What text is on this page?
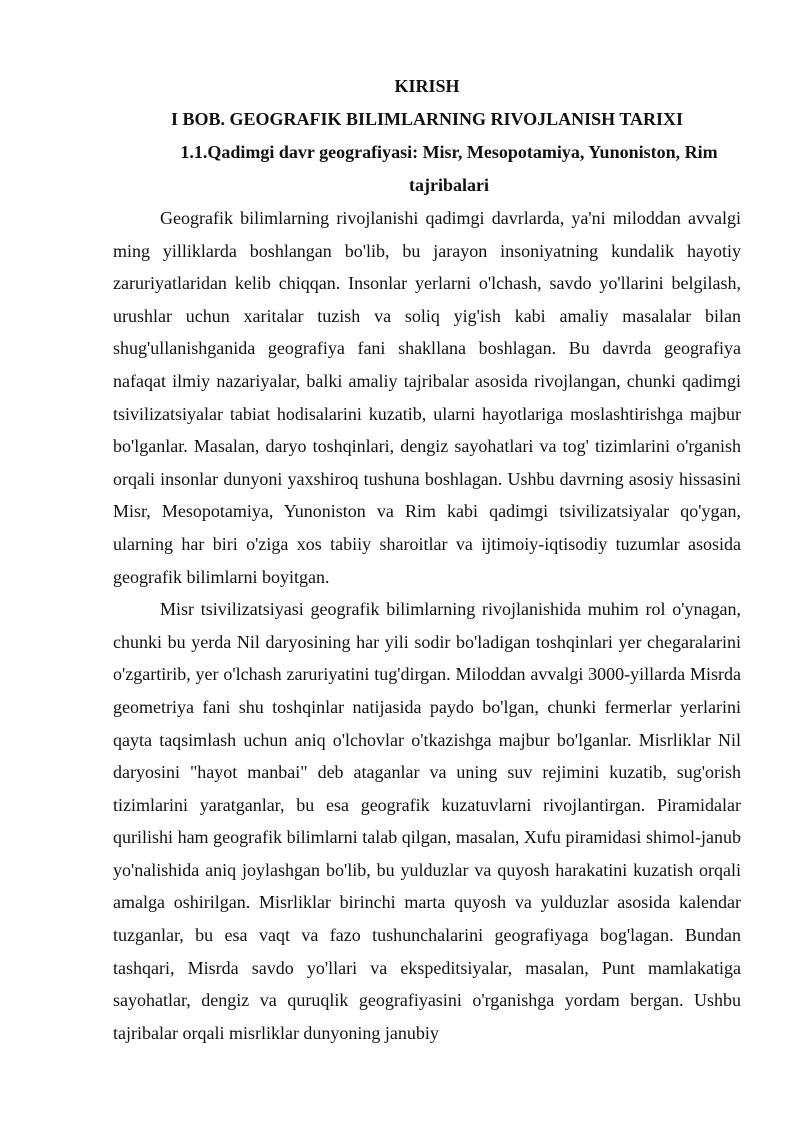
KIRISH
I BOB. GEOGRAFIK BILIMLARNING RIVOJLANISH TARIXI
1.1.Qadimgi davr geografiyasi: Misr, Mesopotamiya, Yunoniston, Rim tajribalari

Geografik bilimlarning rivojlanishi qadimgi davrlarda, ya'ni miloddan avvalgi ming yilliklarda boshlangan bo'lib, bu jarayon insoniyatning kundalik hayotiy zaruriyatlaridan kelib chiqqan. Insonlar yerlarni o'lchash, savdo yo'llarini belgilash, urushlar uchun xaritalar tuzish va soliq yig'ish kabi amaliy masalalar bilan shug'ullanishganida geografiya fani shakllana boshlagan. Bu davrda geografiya nafaqat ilmiy nazariyalar, balki amaliy tajribalar asosida rivojlangan, chunki qadimgi tsivilizatsiyalar tabiat hodisalarini kuzatib, ularni hayotlariga moslashtirishga majbur bo'lganlar. Masalan, daryo toshqinlari, dengiz sayohatlari va tog' tizimlarini o'rganish orqali insonlar dunyoni yaxshiroq tushuna boshlagan. Ushbu davrning asosiy hissasini Misr, Mesopotamiya, Yunoniston va Rim kabi qadimgi tsivilizatsiyalar qo'ygan, ularning har biri o'ziga xos tabiiy sharoitlar va ijtimoiy-iqtisodiy tuzumlar asosida geografik bilimlarni boyitgan.

Misr tsivilizatsiyasi geografik bilimlarning rivojlanishida muhim rol o'ynagan, chunki bu yerda Nil daryosining har yili sodir bo'ladigan toshqinlari yer chegaralarini o'zgartirib, yer o'lchash zaruriyatini tug'dirgan. Miloddan avvalgi 3000-yillarda Misrda geometriya fani shu toshqinlar natijasida paydo bo'lgan, chunki fermerlar yerlarini qayta taqsimlash uchun aniq o'lchovlar o'tkazishga majbur bo'lganlar. Misrliklar Nil daryosini "hayot manbai" deb ataganlar va uning suv rejimini kuzatib, sug'orish tizimlarini yaratganlar, bu esa geografik kuzatuvlarni rivojlantirgan. Piramidalar qurilishi ham geografik bilimlarni talab qilgan, masalan, Xufu piramidasi shimol-janub yo'nalishida aniq joylashgan bo'lib, bu yulduzlar va quyosh harakatini kuzatish orqali amalga oshirilgan. Misrliklar birinchi marta quyosh va yulduzlar asosida kalendar tuzganlar, bu esa vaqt va fazo tushunchalarini geografiyaga bog'lagan. Bundan tashqari, Misrda savdo yo'llari va ekspeditsiyalar, masalan, Punt mamlakatiga sayohatlar, dengiz va quruqlik geografiyasini o'rganishga yordam bergan. Ushbu tajribalar orqali misrliklar dunyoning janubiy
